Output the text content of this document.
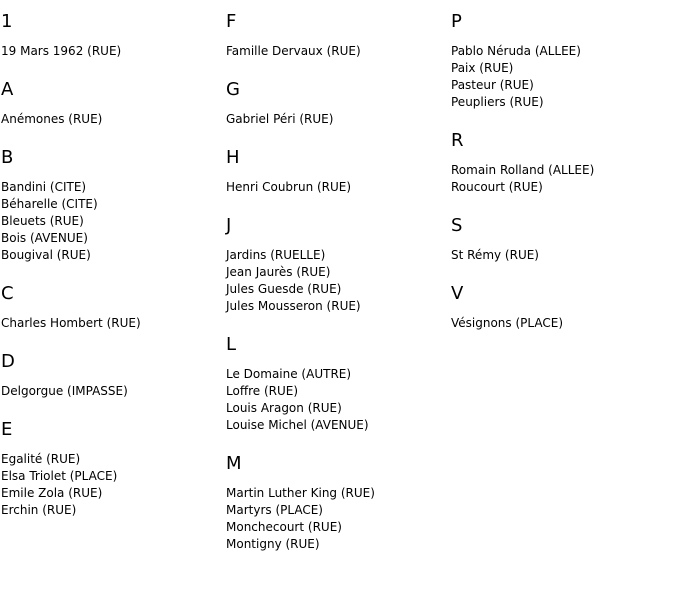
1
19 Mars 1962 (RUE)
A
Anémones (RUE)
B
Bandini (CITE)
Béharelle (CITE)
Bleuets (RUE)
Bois (AVENUE)
Bougival (RUE)
C
Charles Hombert (RUE)
D
Delgorgue (IMPASSE)
E
Egalité (RUE)
Elsa Triolet (PLACE)
Emile Zola (RUE)
Erchin (RUE)
F
Famille Dervaux (RUE)
G
Gabriel Péri (RUE)
H
Henri Coubrun (RUE)
J
Jardins (RUELLE)
Jean Jaurès (RUE)
Jules Guesde (RUE)
Jules Mousseron (RUE)
L
Le Domaine (AUTRE)
Loffre (RUE)
Louis Aragon (RUE)
Louise Michel (AVENUE)
M
Martin Luther King (RUE)
Martyrs (PLACE)
Monchecourt (RUE)
Montigny (RUE)
P
Pablo Néruda (ALLEE)
Paix (RUE)
Pasteur (RUE)
Peupliers (RUE)
R
Romain Rolland (ALLEE)
Roucourt (RUE)
S
St Rémy (RUE)
V
Vésignons (PLACE)
